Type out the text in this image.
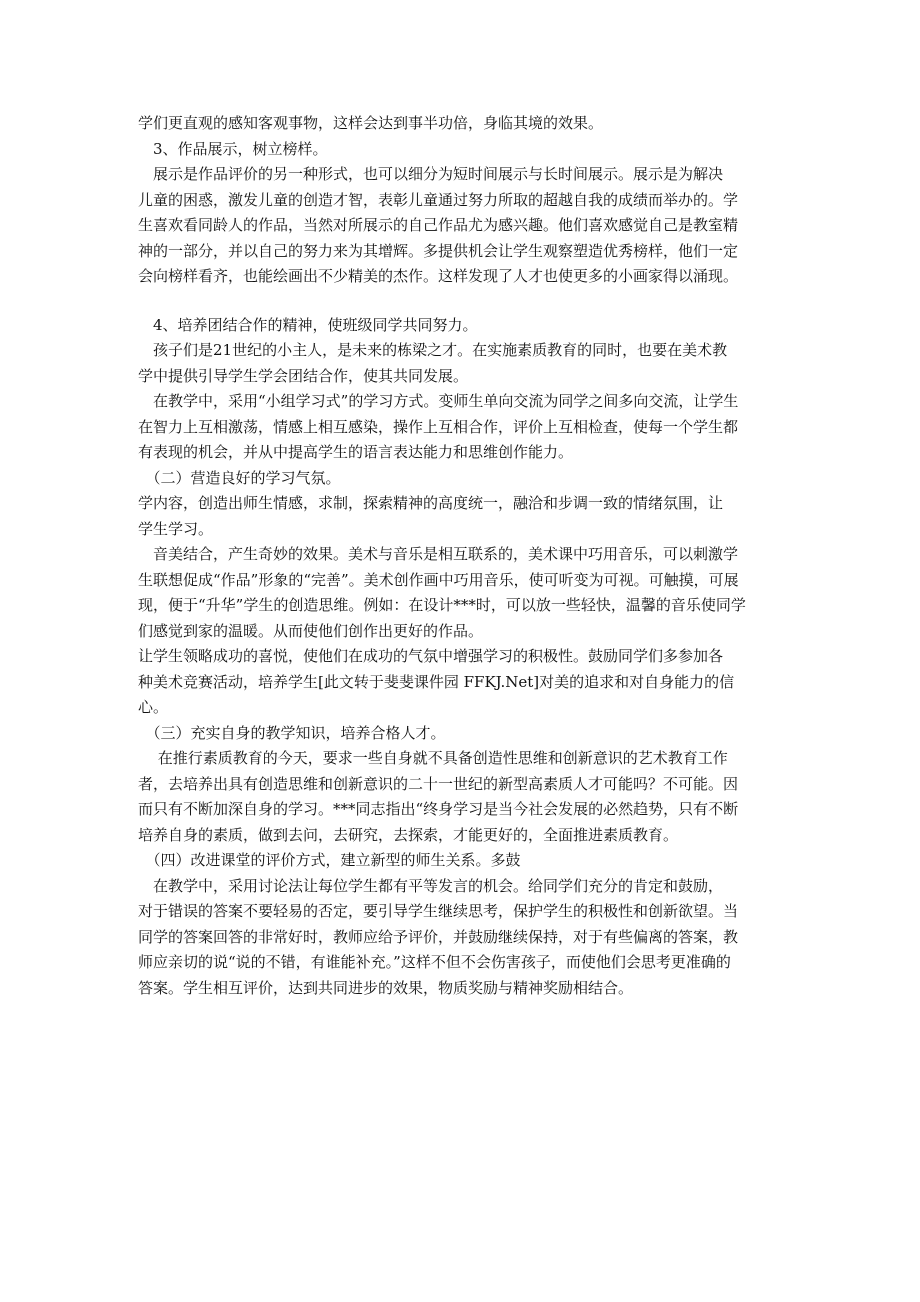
学们更直观的感知客观事物，这样会达到事半功倍，身临其境的效果。
　3、作品展示，树立榜样。
　展示是作品评价的另一种形式，也可以细分为短时间展示与长时间展示。展示是为解决
儿童的困惑，激发儿童的创造才智，表彰儿童通过努力所取的超越自我的成绩而举办的。学
生喜欢看同龄人的作品，当然对所展示的自己作品尤为感兴趣。他们喜欢感觉自己是教室精
神的一部分，并以自己的努力来为其增辉。多提供机会让学生观察塑造优秀榜样，他们一定
会向榜样看齐，也能绘画出不少精美的杰作。这样发现了人才也使更多的小画家得以涌现。
　4、培养团结合作的精神，使班级同学共同努力。
　孩子们是21世纪的小主人，是未来的栋梁之才。在实施素质教育的同时，也要在美术教
学中提供引导学生学会团结合作，使其共同发展。
　在教学中，采用“小组学习式”的学习方式。变师生单向交流为同学之间多向交流，让学生
在智力上互相激荡，情感上相互感染，操作上互相合作，评价上互相检查，使每一个学生都
有表现的机会，并从中提高学生的语言表达能力和思维创作能力。
　（二）营造良好的学习气氛。
学内容，创造出师生情感，求制，探索精神的高度统一，融洽和步调一致的情绪氛围，让
学生学习。
　音美结合，产生奇妙的效果。美术与音乐是相互联系的，美术课中巧用音乐，可以刺激学
生联想促成“作品”形象的“完善”。美术创作画中巧用音乐，使可听变为可视。可触摸，可展
现，便于“升华”学生的创造思维。例如：在设计***时，可以放一些轻快，温馨的音乐使同学
们感觉到家的温暖。从而使他们创作出更好的作品。
让学生领略成功的喜悦，使他们在成功的气氛中增强学习的积极性。鼓励同学们多参加各
种美术竞赛活动，培养学生[此文转于斐斐课件园 FFKJ.Net]对美的追求和对自身能力的信
心。
　（三）充实自身的教学知识，培养合格人才。
　 在推行素质教育的今天，要求一些自身就不具备创造性思维和创新意识的艺术教育工作
者，去培养出具有创造思维和创新意识的二十一世纪的新型高素质人才可能吗？不可能。因
而只有不断加深自身的学习。***同志指出“终身学习是当今社会发展的必然趋势，只有不断
培养自身的素质，做到去问，去研究，去探索，才能更好的，全面推进素质教育。
　（四）改进课堂的评价方式，建立新型的师生关系。多鼓
　在教学中，采用讨论法让每位学生都有平等发言的机会。给同学们充分的肯定和鼓励，
对于错误的答案不要轻易的否定，要引导学生继续思考，保护学生的积极性和创新欲望。当
同学的答案回答的非常好时，教师应给予评价，并鼓励继续保持，对于有些偏离的答案，教
师应亲切的说“说的不错，有谁能补充。”这样不但不会伤害孩子，而使他们会思考更准确的
答案。学生相互评价，达到共同进步的效果，物质奖励与精神奖励相结合。
